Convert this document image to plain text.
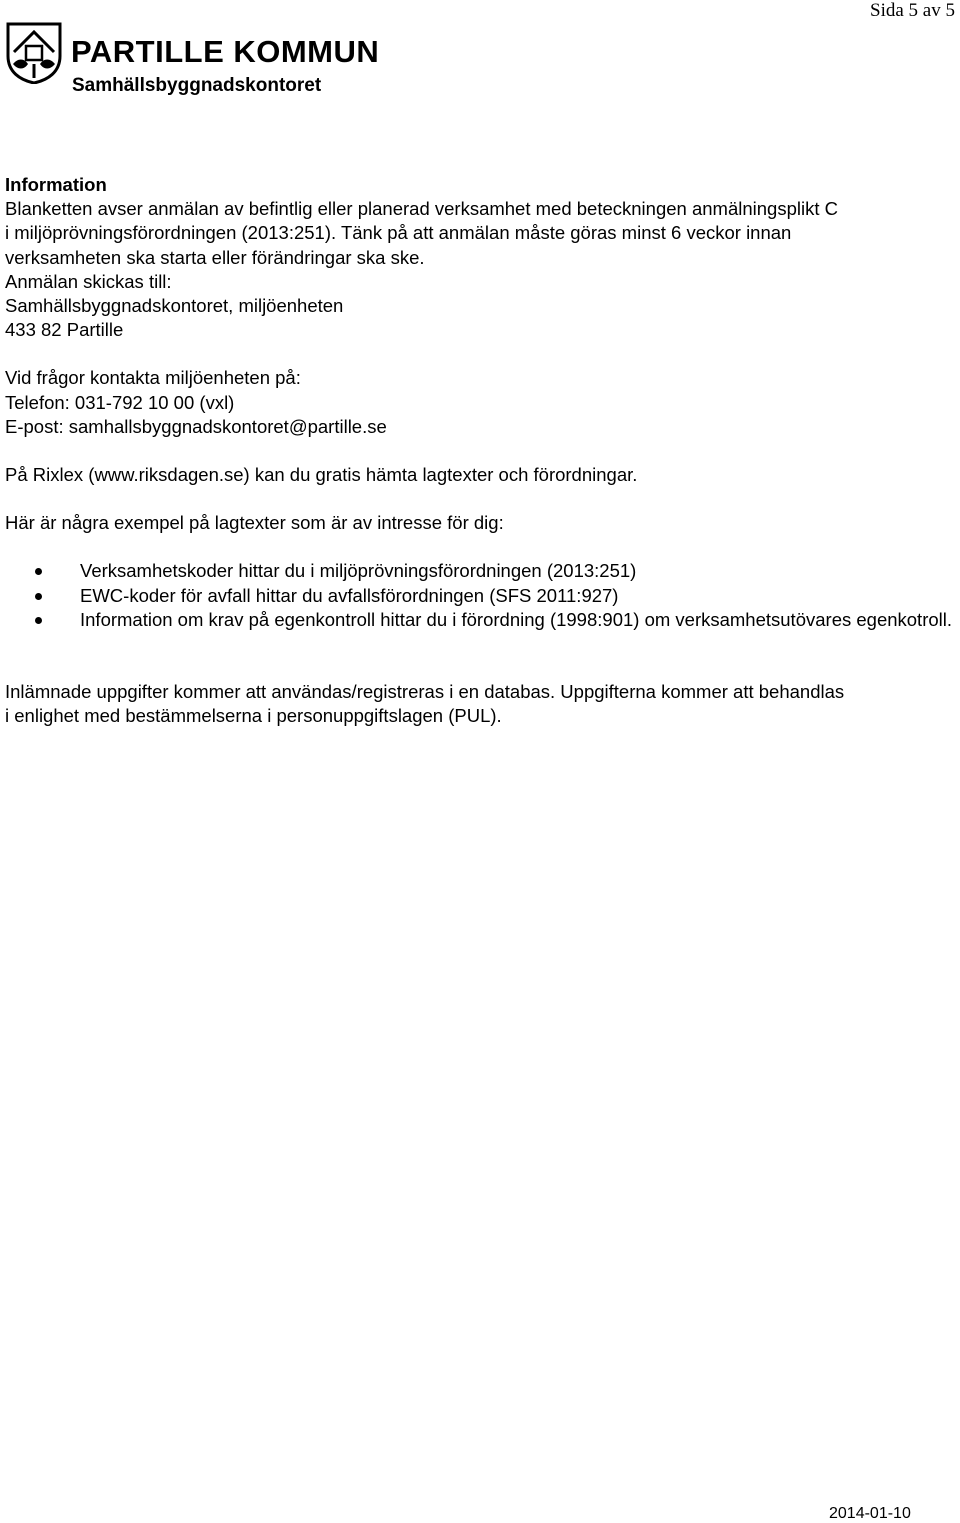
Sida 5 av 5
PARTILLE KOMMUN
Samhällsbyggnadskontoret

Information

Blanketten avser anmälan av befintlig eller planerad verksamhet med beteckningen anmälningsplikt C

i miljöprövningsförordningen (2013:251). Tänk på att anmälan måste göras minst 6 veckor innan

verksamheten ska starta eller förändringar ska ske.

Anmälan skickas till:

Samhällsbyggnadskontoret, miljöenheten

433 82 Partille

Vid frågor kontakta miljöenheten på:

Telefon: 031-792 10 00 (vxl)

E-post: samhallsbyggnadskontoret@partille.se

På Rixlex (www.riksdagen.se) kan du gratis hämta lagtexter och förordningar.

Här är några exempel på lagtexter som är av intresse för dig:

Verksamhetskoder hittar du i miljöprövningsförordningen (2013:251)
EWC-koder för avfall hittar du avfallsförordningen (SFS 2011:927)
Information om krav på egenkontroll hittar du i förordning (1998:901) om verksamhetsutövares egenkotroll.

Inlämnade uppgifter kommer att användas/registreras i en databas. Uppgifterna kommer att behandlas

i enlighet med bestämmelserna i personuppgiftslagen (PUL).

2014-01-10
